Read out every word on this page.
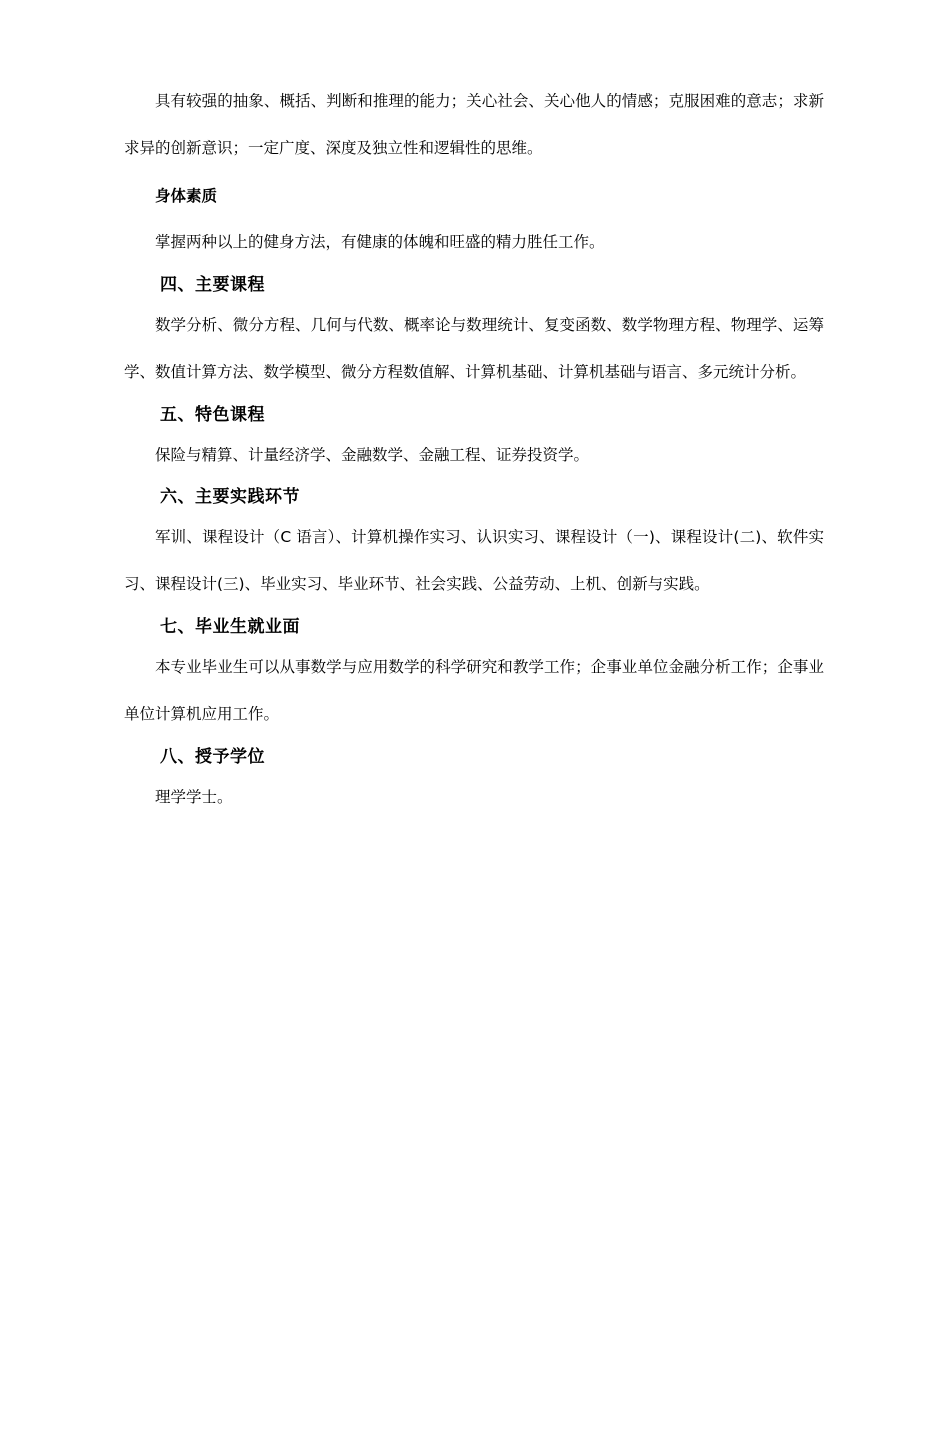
具有较强的抽象、概括、判断和推理的能力；关心社会、关心他人的情感；克服困难的意志；求新求异的创新意识；一定广度、深度及独立性和逻辑性的思维。

身体素质

掌握两种以上的健身方法，有健康的体魄和旺盛的精力胜任工作。

四、主要课程

数学分析、微分方程、几何与代数、概率论与数理统计、复变函数、数学物理方程、物理学、运筹学、数值计算方法、数学模型、微分方程数值解、计算机基础、计算机基础与语言、多元统计分析。

五、特色课程

保险与精算、计量经济学、金融数学、金融工程、证券投资学。

六、主要实践环节

军训、课程设计（C 语言）、计算机操作实习、认识实习、课程设计（一)、课程设计(二)、软件实习、课程设计(三)、毕业实习、毕业环节、社会实践、公益劳动、上机、创新与实践。

七、毕业生就业面

本专业毕业生可以从事数学与应用数学的科学研究和教学工作；企事业单位金融分析工作；企事业单位计算机应用工作。

八、授予学位

理学学士。
